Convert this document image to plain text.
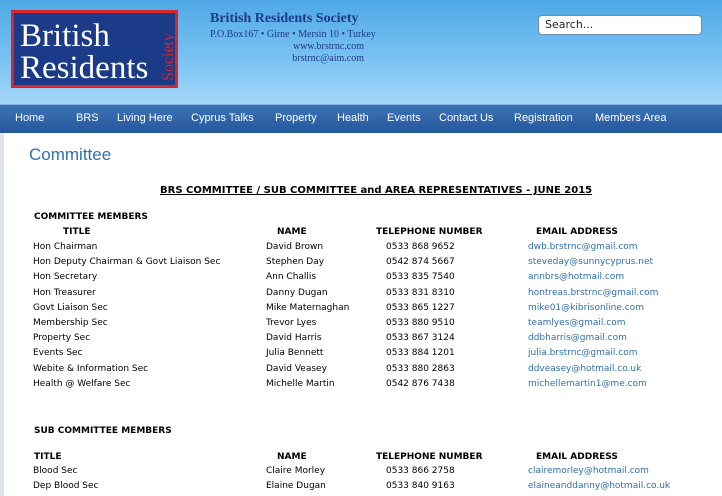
British
Residents Society
British Residents Society
P.O.Box167 • Girne • Mersin 10 • Turkey
www.brstrnc.com
brstrnc@aim.com
Search...
Home	BRS Living Here Cyprus Talks Property Health Events Contact Us Registration Members Area
Committee
BRS COMMITTEE / SUB COMMITTEE and AREA REPRESENTATIVES - JUNE 2015
COMMITTEE MEMBERS
TITLE	NAME	TELEPHONE NUMBER	EMAIL ADDRESS
Hon Chairman	David Brown	0533 868 9652	dwb.brstrnc@gmail.com
Hon Deputy Chairman & Govt Liaison Sec	Stephen Day	0542 874 5667	steveday@sunnycyprus.net
Hon Secretary	Ann Challis	0533 835 7540	annbrs@hotmail.com
Hon Treasurer	Danny Dugan	0533 831 8310	hontreas.brstrnc@gmail.com
Govt Liaison Sec	Mike Maternaghan	0533 865 1227	mike01@kibrisonline.com
Membership Sec	Trevor Lyes	0533 880 9510	teamlyes@gmail.com
Property Sec	David Harris	0533 867 3124	ddbharris@gmail.com
Events Sec	Julia Bennett	0533 884 1201	julia.brstrnc@gmail.com
Webite & Information Sec	David Veasey	0533 880 2863	ddveasey@hotmail.co.uk
Health @ Welfare Sec	Michelle Martin	0542 876 7438	michellemartin1@me.com
SUB COMMITTEE MEMBERS
TITLE	NAME	TELEPHONE NUMBER	EMAIL ADDRESS
Blood Sec	Claire Morley	0533 866 2758	clairemorley@hotmail.com
Dep Blood Sec	Elaine Dugan	0533 840 9163	elaineanddanny@hotmail.co.uk
